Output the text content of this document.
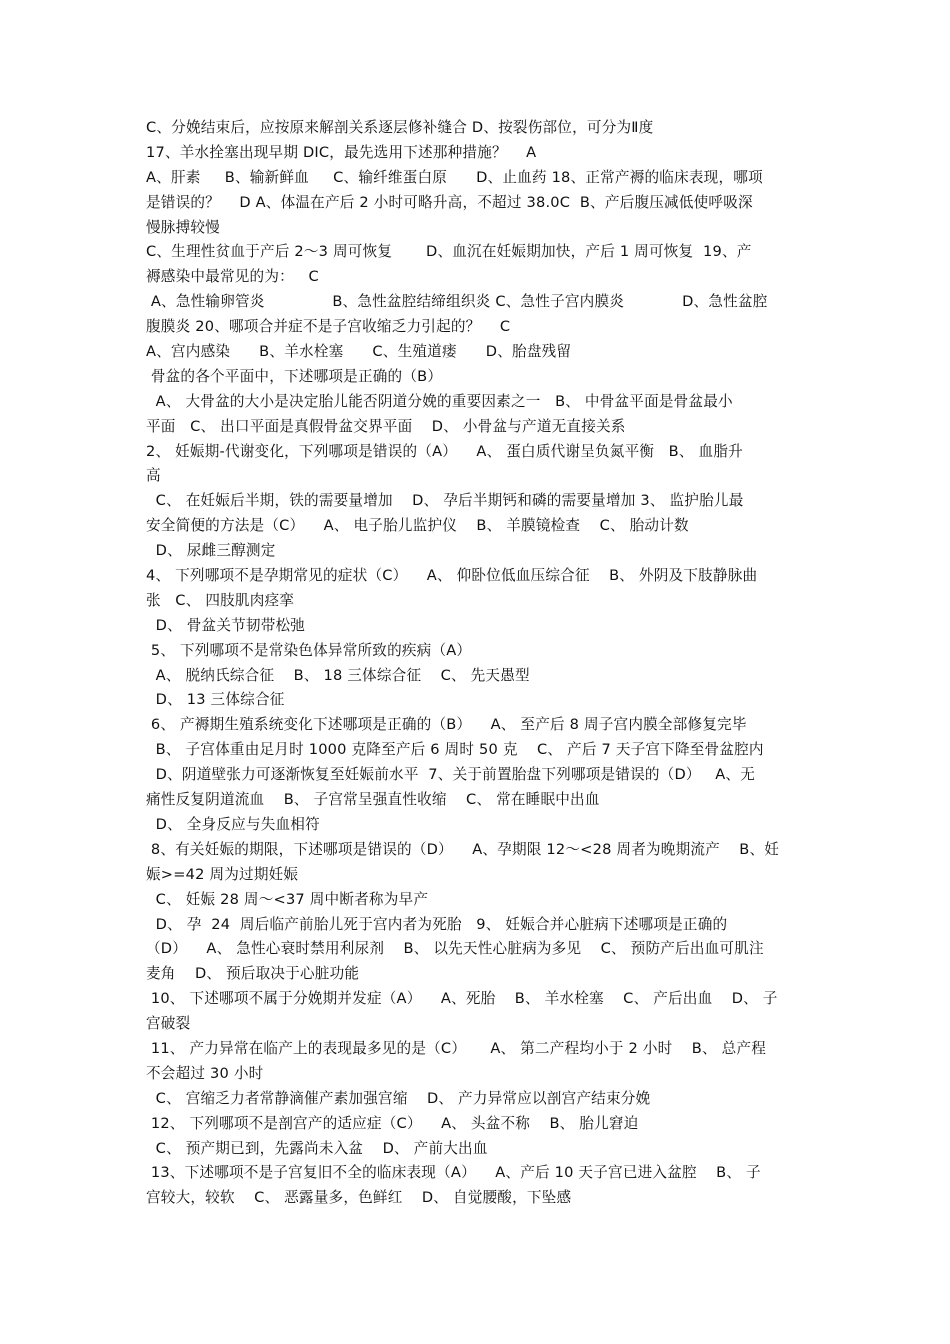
C、分娩结束后，应按原来解剖关系逐层修补缝合 D、按裂伤部位，可分为Ⅱ度
17、羊水拴塞出现早期 DIC，最先选用下述那种措施？    A
A、肝素     B、输新鲜血     C、输纤维蛋白原      D、止血药 18、正常产褥的临床表现，哪项
是错误的？    D A、体温在产后 2 小时可略升高，不超过 38.0C  B、产后腹压减低使呼吸深
慢脉搏较慢
C、生理性贫血于产后 2～3 周可恢复       D、血沉在妊娠期加快，产后 1 周可恢复  19、产
褥感染中最常见的为：   C
A、急性输卵管炎              B、急性盆腔结缔组织炎 C、急性子宫内膜炎            D、急性盆腔
腹膜炎 20、哪项合并症不是子宫收缩乏力引起的？    C
A、宫内感染      B、羊水栓塞      C、生殖道瘘      D、胎盘残留
骨盆的各个平面中，下述哪项是正确的（B）
A、 大骨盆的大小是决定胎儿能否阴道分娩的重要因素之一   B、 中骨盆平面是骨盆最小
平面   C、 出口平面是真假骨盆交界平面    D、 小骨盆与产道无直接关系
2、 妊娠期-代谢变化，下列哪项是错误的（A）    A、 蛋白质代谢呈负氮平衡   B、 血脂升
高
C、 在妊娠后半期，铁的需要量增加    D、 孕后半期钙和磷的需要量增加 3、 监护胎儿最
安全简便的方法是（C）    A、 电子胎儿监护仪    B、 羊膜镜检查    C、 胎动计数
D、 尿雌三醇测定
4、 下列哪项不是孕期常见的症状（C）    A、 仰卧位低血压综合征    B、 外阴及下肢静脉曲
张   C、 四肢肌肉痉挛
D、 骨盆关节韧带松弛
5、 下列哪项不是常染色体异常所致的疾病（A）
A、 脱纳氏综合征    B、 18 三体综合征    C、 先天愚型
D、 13 三体综合征
6、 产褥期生殖系统变化下述哪项是正确的（B）    A、 至产后 8 周子宫内膜全部修复完毕
B、 子宫体重由足月时 1000 克降至产后 6 周时 50 克    C、 产后 7 天子宫下降至骨盆腔内
D、阴道壁张力可逐渐恢复至妊娠前水平  7、关于前置胎盘下列哪项是错误的（D）   A、无
痛性反复阴道流血    B、 子宫常呈强直性收缩    C、 常在睡眠中出血
D、 全身反应与失血相符
8、有关妊娠的期限，下述哪项是错误的（D）    A、孕期限 12～<28 周者为晚期流产    B、妊
娠>=42 周为过期妊娠
C、 妊娠 28 周～<37 周中断者称为早产
D、 孕  24  周后临产前胎儿死于宫内者为死胎   9、 妊娠合并心脏病下述哪项是正确的
（D）    A、 急性心衰时禁用利尿剂    B、 以先天性心脏病为多见    C、 预防产后出血可肌注
麦角    D、 预后取决于心脏功能
10、 下述哪项不属于分娩期并发症（A）    A、死胎    B、 羊水栓塞    C、 产后出血    D、 子
宫破裂
11、 产力异常在临产上的表现最多见的是（C）     A、 第二产程均小于 2 小时    B、 总产程
不会超过 30 小时
C、 宫缩乏力者常静滴催产素加强宫缩    D、 产力异常应以剖宫产结束分娩
12、 下列哪项不是剖宫产的适应症（C）    A、 头盆不称    B、 胎儿窘迫
C、 预产期已到，先露尚未入盆    D、 产前大出血
13、下述哪项不是子宫复旧不全的临床表现（A）    A、产后 10 天子宫已进入盆腔    B、 子
宫较大，较软    C、 恶露量多，色鲜红    D、 自觉腰酸，下坠感
